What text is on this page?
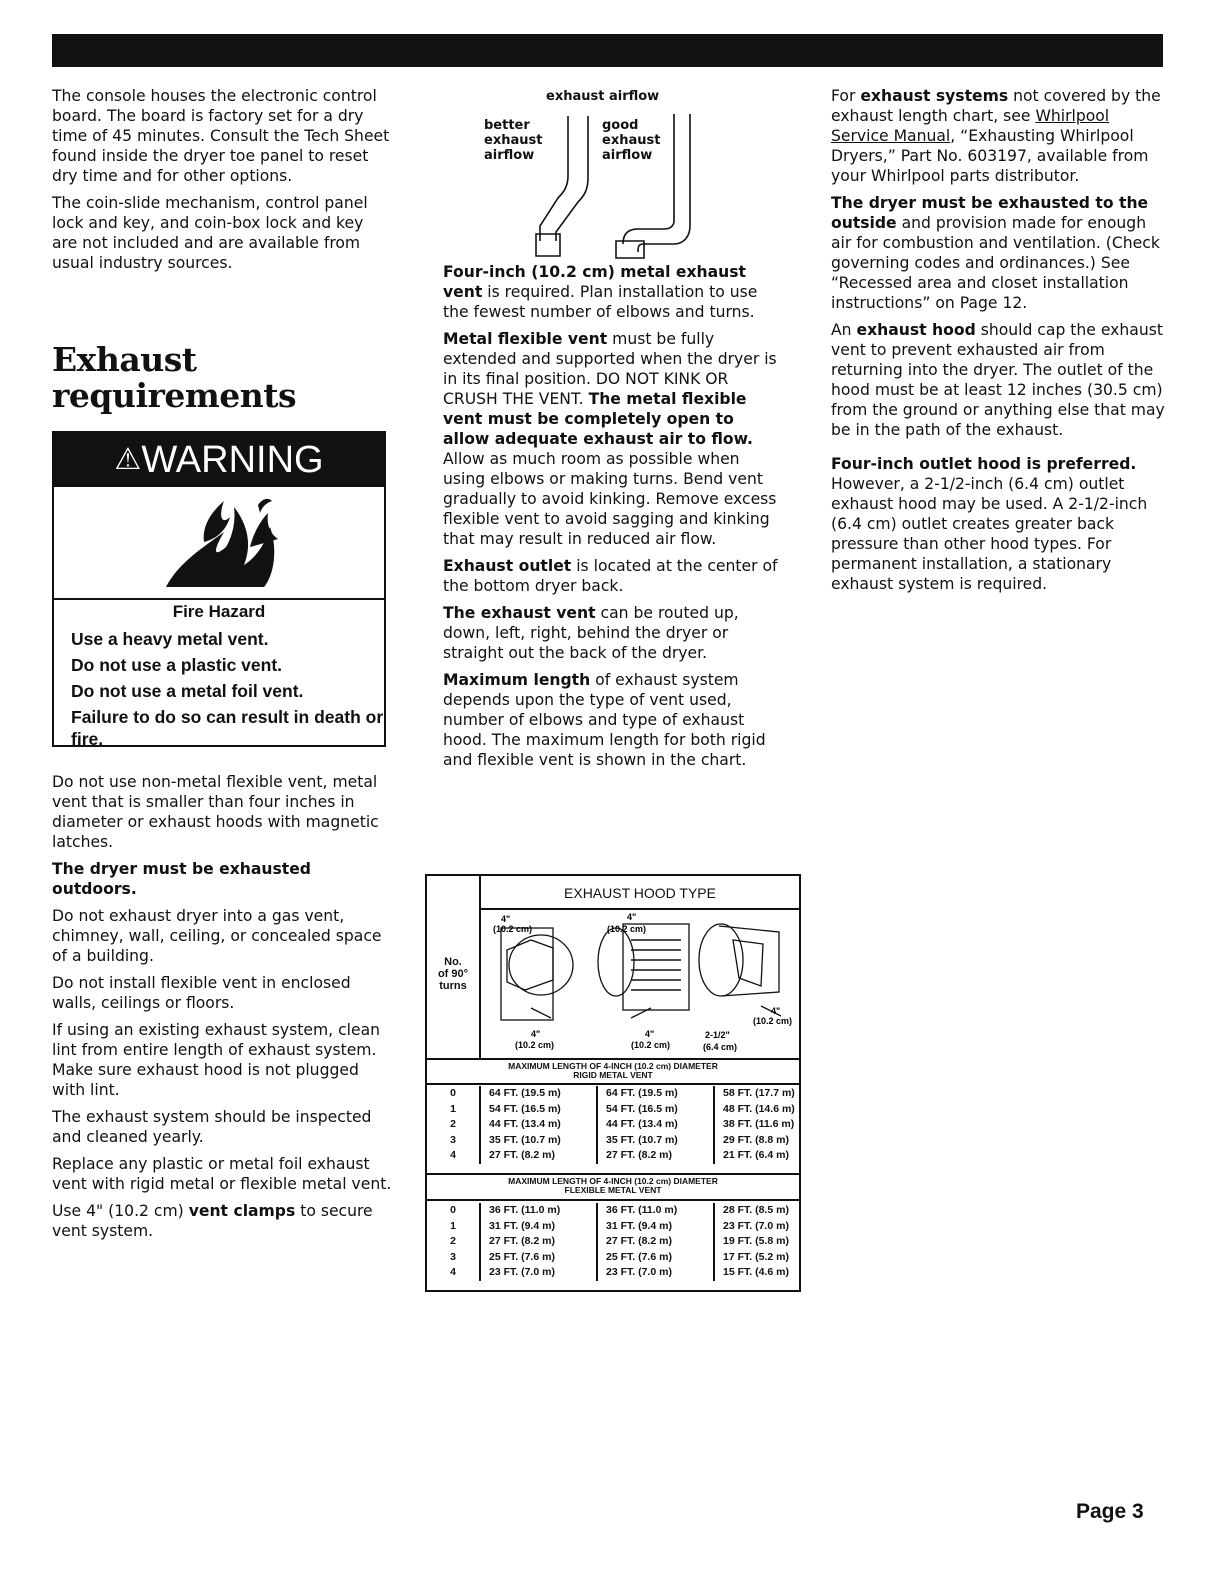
The console houses the electronic control board. The board is factory set for a dry time of 45 minutes. Consult the Tech Sheet found inside the dryer toe panel to reset dry time and for other options.

The coin-slide mechanism, control panel lock and key, and coin-box lock and key are not included and are available from usual industry sources.

Exhaust
requirements
⚠WARNING
Fire Hazard
Use a heavy metal vent.
Do not use a plastic vent.
Do not use a metal foil vent.
Failure to do so can result in death or fire.

Do not use non-metal flexible vent, metal vent that is smaller than four inches in diameter or exhaust hoods with magnetic latches.

The dryer must be exhausted outdoors.

Do not exhaust dryer into a gas vent, chimney, wall, ceiling, or concealed space of a building.

Do not install flexible vent in enclosed walls, ceilings or floors.

If using an existing exhaust system, clean lint from entire length of exhaust system. Make sure exhaust hood is not plugged with lint.

The exhaust system should be inspected and cleaned yearly.

Replace any plastic or metal foil exhaust vent with rigid metal or flexible metal vent.

Use 4" (10.2 cm) vent clamps to secure vent system.

exhaust airflow
better
exhaust
airflow
good
exhaust
airflow

Four-inch (10.2 cm) metal exhaust vent is required. Plan installation to use the fewest number of elbows and turns.

Metal flexible vent must be fully extended and supported when the dryer is in its final position. DO NOT KINK OR CRUSH THE VENT. The metal flexible vent must be completely open to allow adequate exhaust air to flow.
Allow as much room as possible when using elbows or making turns. Bend vent gradually to avoid kinking. Remove excess flexible vent to avoid sagging and kinking that may result in reduced air flow.

Exhaust outlet is located at the center of the bottom dryer back.

The exhaust vent can be routed up, down, left, right, behind the dryer or straight out the back of the dryer.

Maximum length of exhaust system depends upon the type of vent used, number of elbows and type of exhaust hood. The maximum length for both rigid and flexible vent is shown in the chart.

EXHAUST HOOD TYPE
No.
of 90°
turns
4"
(10.2 cm)
4"
(10.2 cm)
4"
(10.2 cm)
4"
(10.2 cm)
4"
(10.2 cm)
2-1/2"
(6.4 cm)
MAXIMUM LENGTH OF 4-INCH (10.2 cm) DIAMETER
RIGID METAL VENT
0	64 FT. (19.5 m)	64 FT. (19.5 m)	58 FT. (17.7 m)
1	54 FT. (16.5 m)	54 FT. (16.5 m)	48 FT. (14.6 m)
2	44 FT. (13.4 m)	44 FT. (13.4 m)	38 FT. (11.6 m)
3	35 FT. (10.7 m)	35 FT. (10.7 m)	29 FT. (8.8 m)
4	27 FT. (8.2 m)	27 FT. (8.2 m)	21 FT. (6.4 m)
MAXIMUM LENGTH OF 4-INCH (10.2 cm) DIAMETER
FLEXIBLE METAL VENT
0	36 FT. (11.0 m)	36 FT. (11.0 m)	28 FT. (8.5 m)
1	31 FT. (9.4 m)	31 FT. (9.4 m)	23 FT. (7.0 m)
2	27 FT. (8.2 m)	27 FT. (8.2 m)	19 FT. (5.8 m)
3	25 FT. (7.6 m)	25 FT. (7.6 m)	17 FT. (5.2 m)
4	23 FT. (7.0 m)	23 FT. (7.0 m)	15 FT. (4.6 m)

For exhaust systems not covered by the exhaust length chart, see Whirlpool Service Manual, “Exhausting Whirlpool Dryers,” Part No. 603197, available from your Whirlpool parts distributor.

The dryer must be exhausted to the outside and provision made for enough air for combustion and ventilation. (Check governing codes and ordinances.) See “Recessed area and closet installation instructions” on Page 12.

An exhaust hood should cap the exhaust vent to prevent exhausted air from returning into the dryer. The outlet of the hood must be at least 12 inches (30.5 cm) from the ground or anything else that may be in the path of the exhaust.

Four-inch outlet hood is preferred.
However, a 2-1/2-inch (6.4 cm) outlet exhaust hood may be used. A 2-1/2-inch (6.4 cm) outlet creates greater back pressure than other hood types. For permanent installation, a stationary exhaust system is required.

Page 3
